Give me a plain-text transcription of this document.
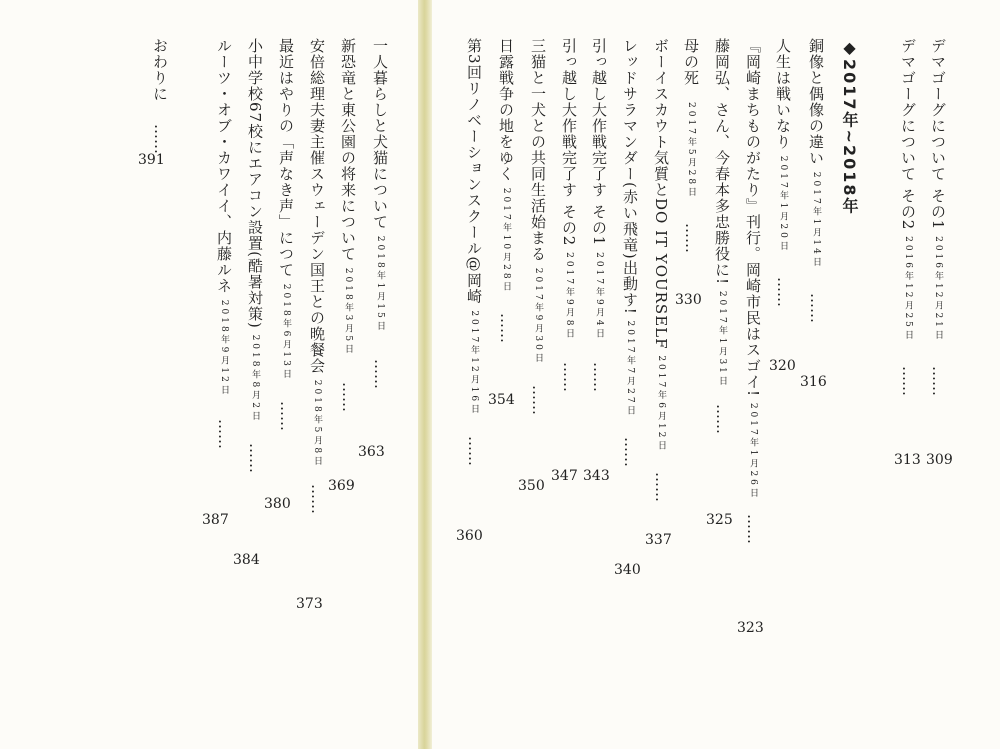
デマゴーグについて その1 2016年12月21日 ……
309
デマゴーグについて その2 2016年12月25日 ……
313
◆2017年~2018年
銅像と偶像の違い 2017年1月14日 ……
316
人生は戦いなり 2017年1月20日 ……
320
『岡崎まちものがたり』刊行。岡崎市民はスゴイ! 2017年1月26日 ……
323
藤岡弘、さん、今春本多忠勝役に! 2017年1月31日 ……
325
母の死 2017年5月28日 ……
330
ボーイスカウト気質とDO IT YOURSELF 2017年6月12日 ……
337
レッドサラマンダー(赤い飛竜)出動す! 2017年7月27日 ……
340
引っ越し大作戦完了す その1 2017年9月4日 ……
343
引っ越し大作戦完了す その2 2017年9月8日 ……
347
三猫と一犬との共同生活始まる 2017年9月30日 ……
350
日露戦争の地をゆく 2017年10月28日 ……
354
第3回リノベーションスクール@岡崎 2017年12月16日 ……
360
一人暮らしと犬猫について 2018年1月15日 ……
363
新恐竜と東公園の将来について 2018年3月5日 ……
369
安倍総理夫妻主催スウェーデン国王との晩餐会 2018年5月8日 ……
373
最近はやりの「声なき声」につて 2018年6月13日 ……
380
小中学校67校にエアコン設置(酷暑対策) 2018年8月2日 ……
384
ルーツ・オブ・カワイイ、内藤ルネ 2018年9月12日 ……
387
おわりに ……
391
